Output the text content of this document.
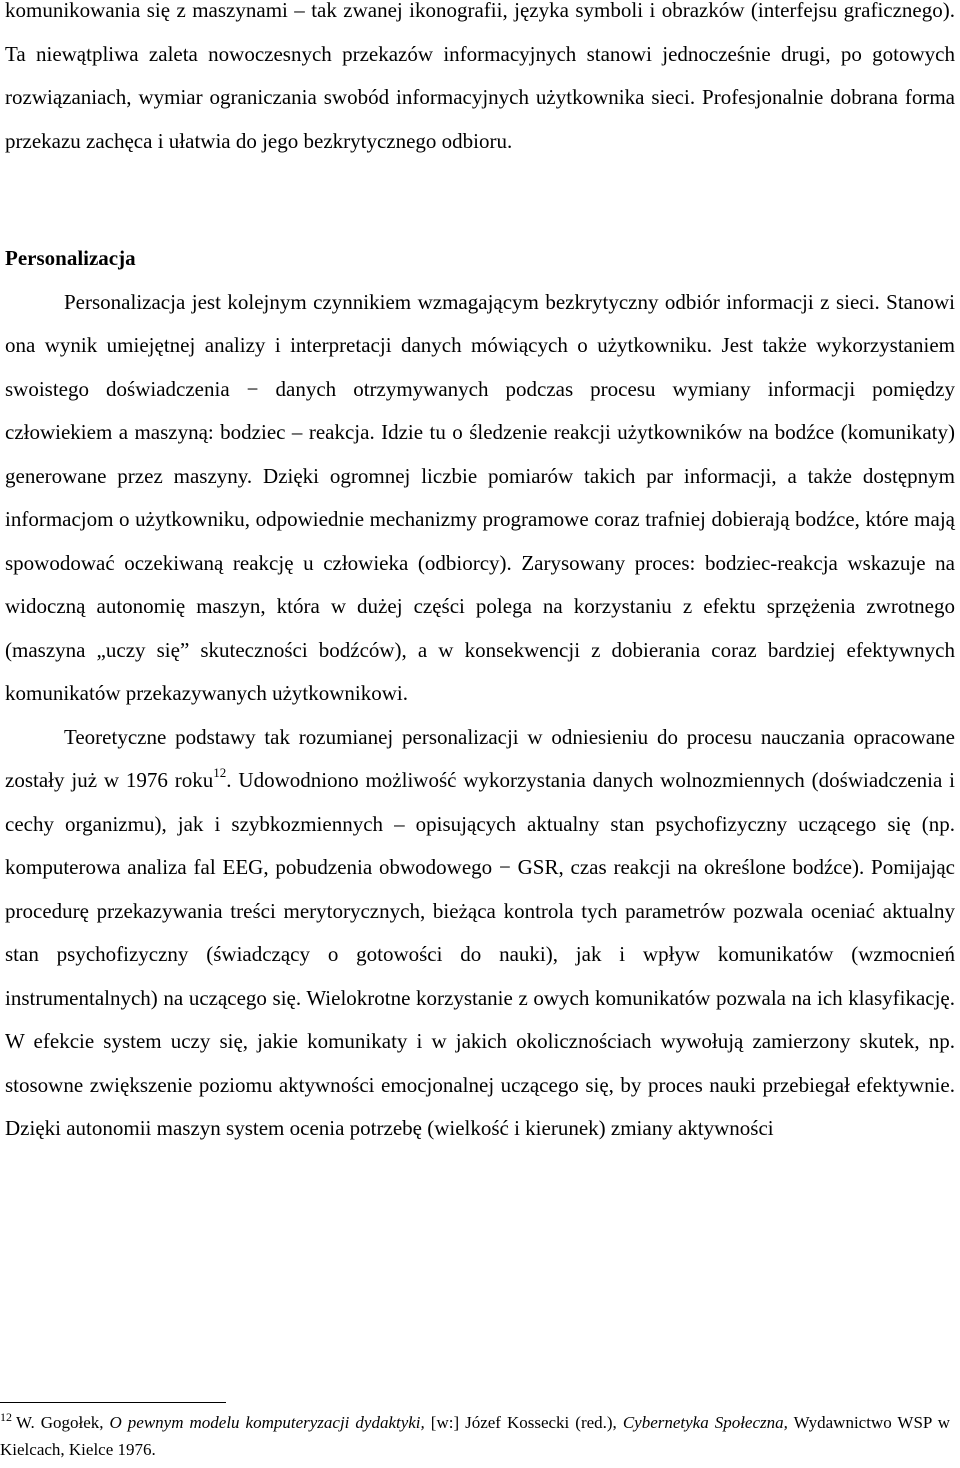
komunikowania się z maszynami – tak zwanej ikonografii, języka symboli i obrazków (interfejsu graficznego). Ta niewątpliwa zaleta nowoczesnych przekazów informacyjnych stanowi jednocześnie drugi, po gotowych rozwiązaniach, wymiar ograniczania swobód informacyjnych użytkownika sieci. Profesjonalnie dobrana forma przekazu zachęca i ułatwia do jego bezkrytycznego odbioru.

Personalizacja

Personalizacja jest kolejnym czynnikiem wzmagającym bezkrytyczny odbiór informacji z sieci. Stanowi ona wynik umiejętnej analizy i interpretacji danych mówiących o użytkowniku. Jest także wykorzystaniem swoistego doświadczenia − danych otrzymywanych podczas procesu wymiany informacji pomiędzy człowiekiem a maszyną: bodziec – reakcja. Idzie tu o śledzenie reakcji użytkowników na bodźce (komunikaty) generowane przez maszyny. Dzięki ogromnej liczbie pomiarów takich par informacji, a także dostępnym informacjom o użytkowniku, odpowiednie mechanizmy programowe coraz trafniej dobierają bodźce, które mają spowodować oczekiwaną reakcję u człowieka (odbiorcy). Zarysowany proces: bodziec-reakcja wskazuje na widoczną autonomię maszyn, która w dużej części polega na korzystaniu z efektu sprzężenia zwrotnego (maszyna „uczy się” skuteczności bodźców), a w konsekwencji z dobierania coraz bardziej efektywnych komunikatów przekazywanych użytkownikowi.

Teoretyczne podstawy tak rozumianej personalizacji w odniesieniu do procesu nauczania opracowane zostały już w 1976 roku$^{12}$. Udowodniono możliwość wykorzystania danych wolnozmiennych (doświadczenia i cechy organizmu), jak i szybkozmiennych – opisujących aktualny stan psychofizyczny uczącego się (np. komputerowa analiza fal EEG, pobudzenia obwodowego − GSR, czas reakcji na określone bodźce). Pomijając procedurę przekazywania treści merytorycznych, bieżąca kontrola tych parametrów pozwala oceniać aktualny stan psychofizyczny (świadczący o gotowości do nauki), jak i wpływ komunikatów (wzmocnień instrumentalnych) na uczącego się. Wielokrotne korzystanie z owych komunikatów pozwala na ich klasyfikację. W efekcie system uczy się, jakie komunikaty i w jakich okolicznościach wywołują zamierzony skutek, np. stosowne zwiększenie poziomu aktywności emocjonalnej uczącego się, by proces nauki przebiegał efektywnie. Dzięki autonomii maszyn system ocenia potrzebę (wielkość i kierunek) zmiany aktywności

$^{12}$ W. Gogołek, O pewnym modelu komputeryzacji dydaktyki, [w:] Józef Kossecki (red.), Cybernetyka Społeczna, Wydawnictwo WSP w Kielcach, Kielce 1976.
